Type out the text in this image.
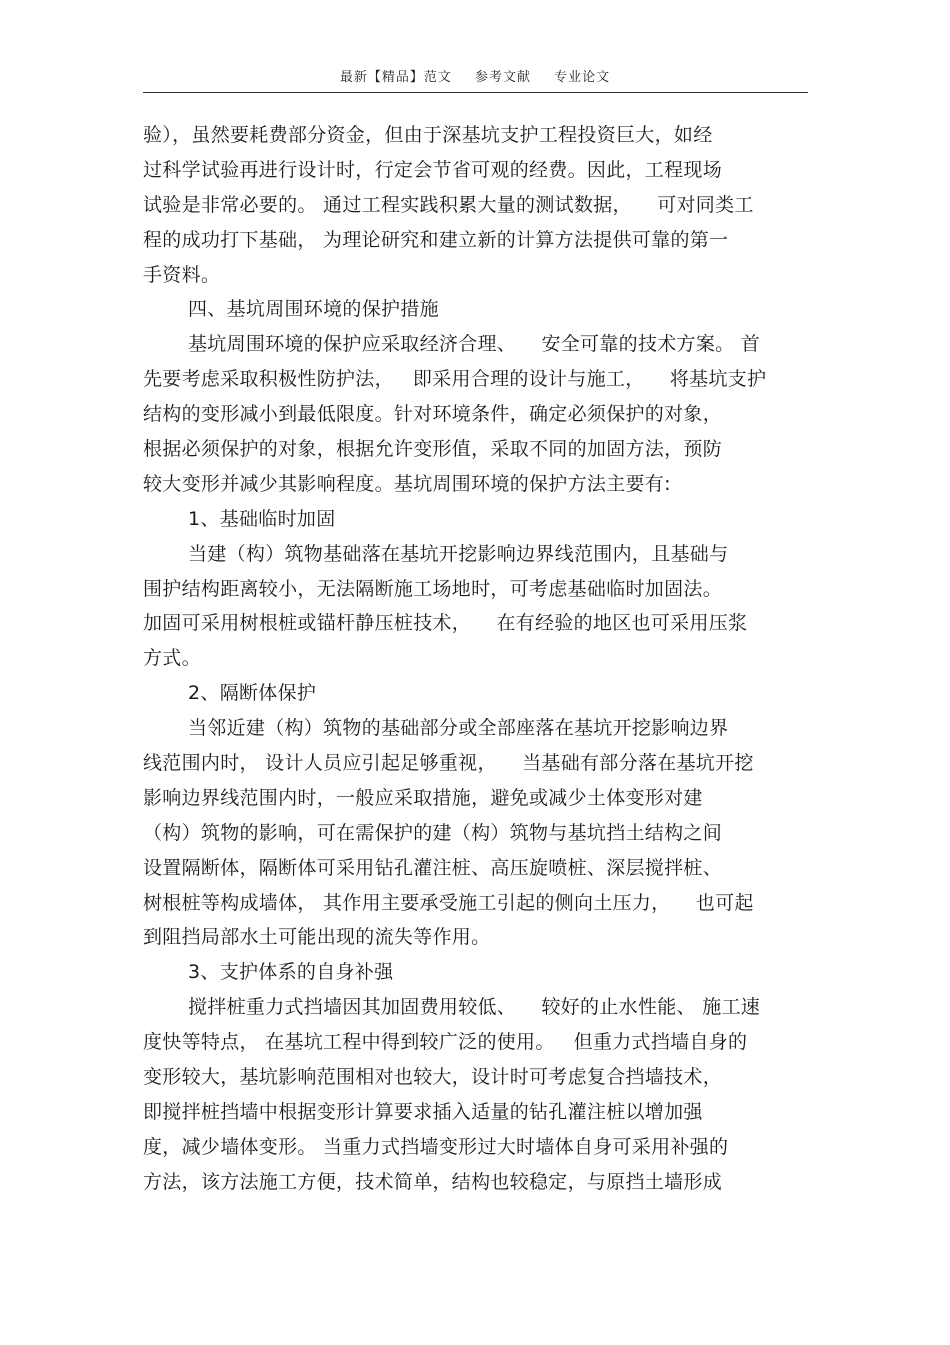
最新【精品】范文 参考文献 专业论文
验），虽然要耗费部分资金，但由于深基坑支护工程投资巨大，如经
过科学试验再进行设计时，行定会节省可观的经费。因此，工程现场
试验是非常必要的。 通过工程实践积累大量的测试数据，    可对同类工
程的成功打下基础， 为理论研究和建立新的计算方法提供可靠的第一
手资料。
四、基坑周围环境的保护措施
基坑周围环境的保护应采取经济合理、    安全可靠的技术方案。 首
先要考虑采取积极性防护法，   即采用合理的设计与施工，    将基坑支护
结构的变形减小到最低限度。针对环境条件，确定必须保护的对象，
根据必须保护的对象，根据允许变形值，采取不同的加固方法，预防
较大变形并减少其影响程度。基坑周围环境的保护方法主要有:
1、基础临时加固
当建（构）筑物基础落在基坑开挖影响边界线范围内，且基础与
围护结构距离较小，无法隔断施工场地时，可考虑基础临时加固法。
加固可采用树根桩或锚杆静压桩技术，    在有经验的地区也可采用压浆
方式。
2、隔断体保护
当邻近建（构）筑物的基础部分或全部座落在基坑开挖影响边界
线范围内时， 设计人员应引起足够重视，    当基础有部分落在基坑开挖
影响边界线范围内时，一般应采取措施，避免或减少土体变形对建
（构）筑物的影响，可在需保护的建（构）筑物与基坑挡土结构之间
设置隔断体，隔断体可采用钻孔灌注桩、高压旋喷桩、深层搅拌桩、
树根桩等构成墙体， 其作用主要承受施工引起的侧向土压力，    也可起
到阻挡局部水土可能出现的流失等作用。
3、支护体系的自身补强
搅拌桩重力式挡墙因其加固费用较低、    较好的止水性能、 施工速
度快等特点， 在基坑工程中得到较广泛的使用。   但重力式挡墙自身的
变形较大，基坑影响范围相对也较大，设计时可考虑复合挡墙技术，
即搅拌桩挡墙中根据变形计算要求插入适量的钻孔灌注桩以增加强
度，减少墙体变形。 当重力式挡墙变形过大时墙体自身可采用补强的
方法，该方法施工方便，技术简单，结构也较稳定，与原挡土墙形成
